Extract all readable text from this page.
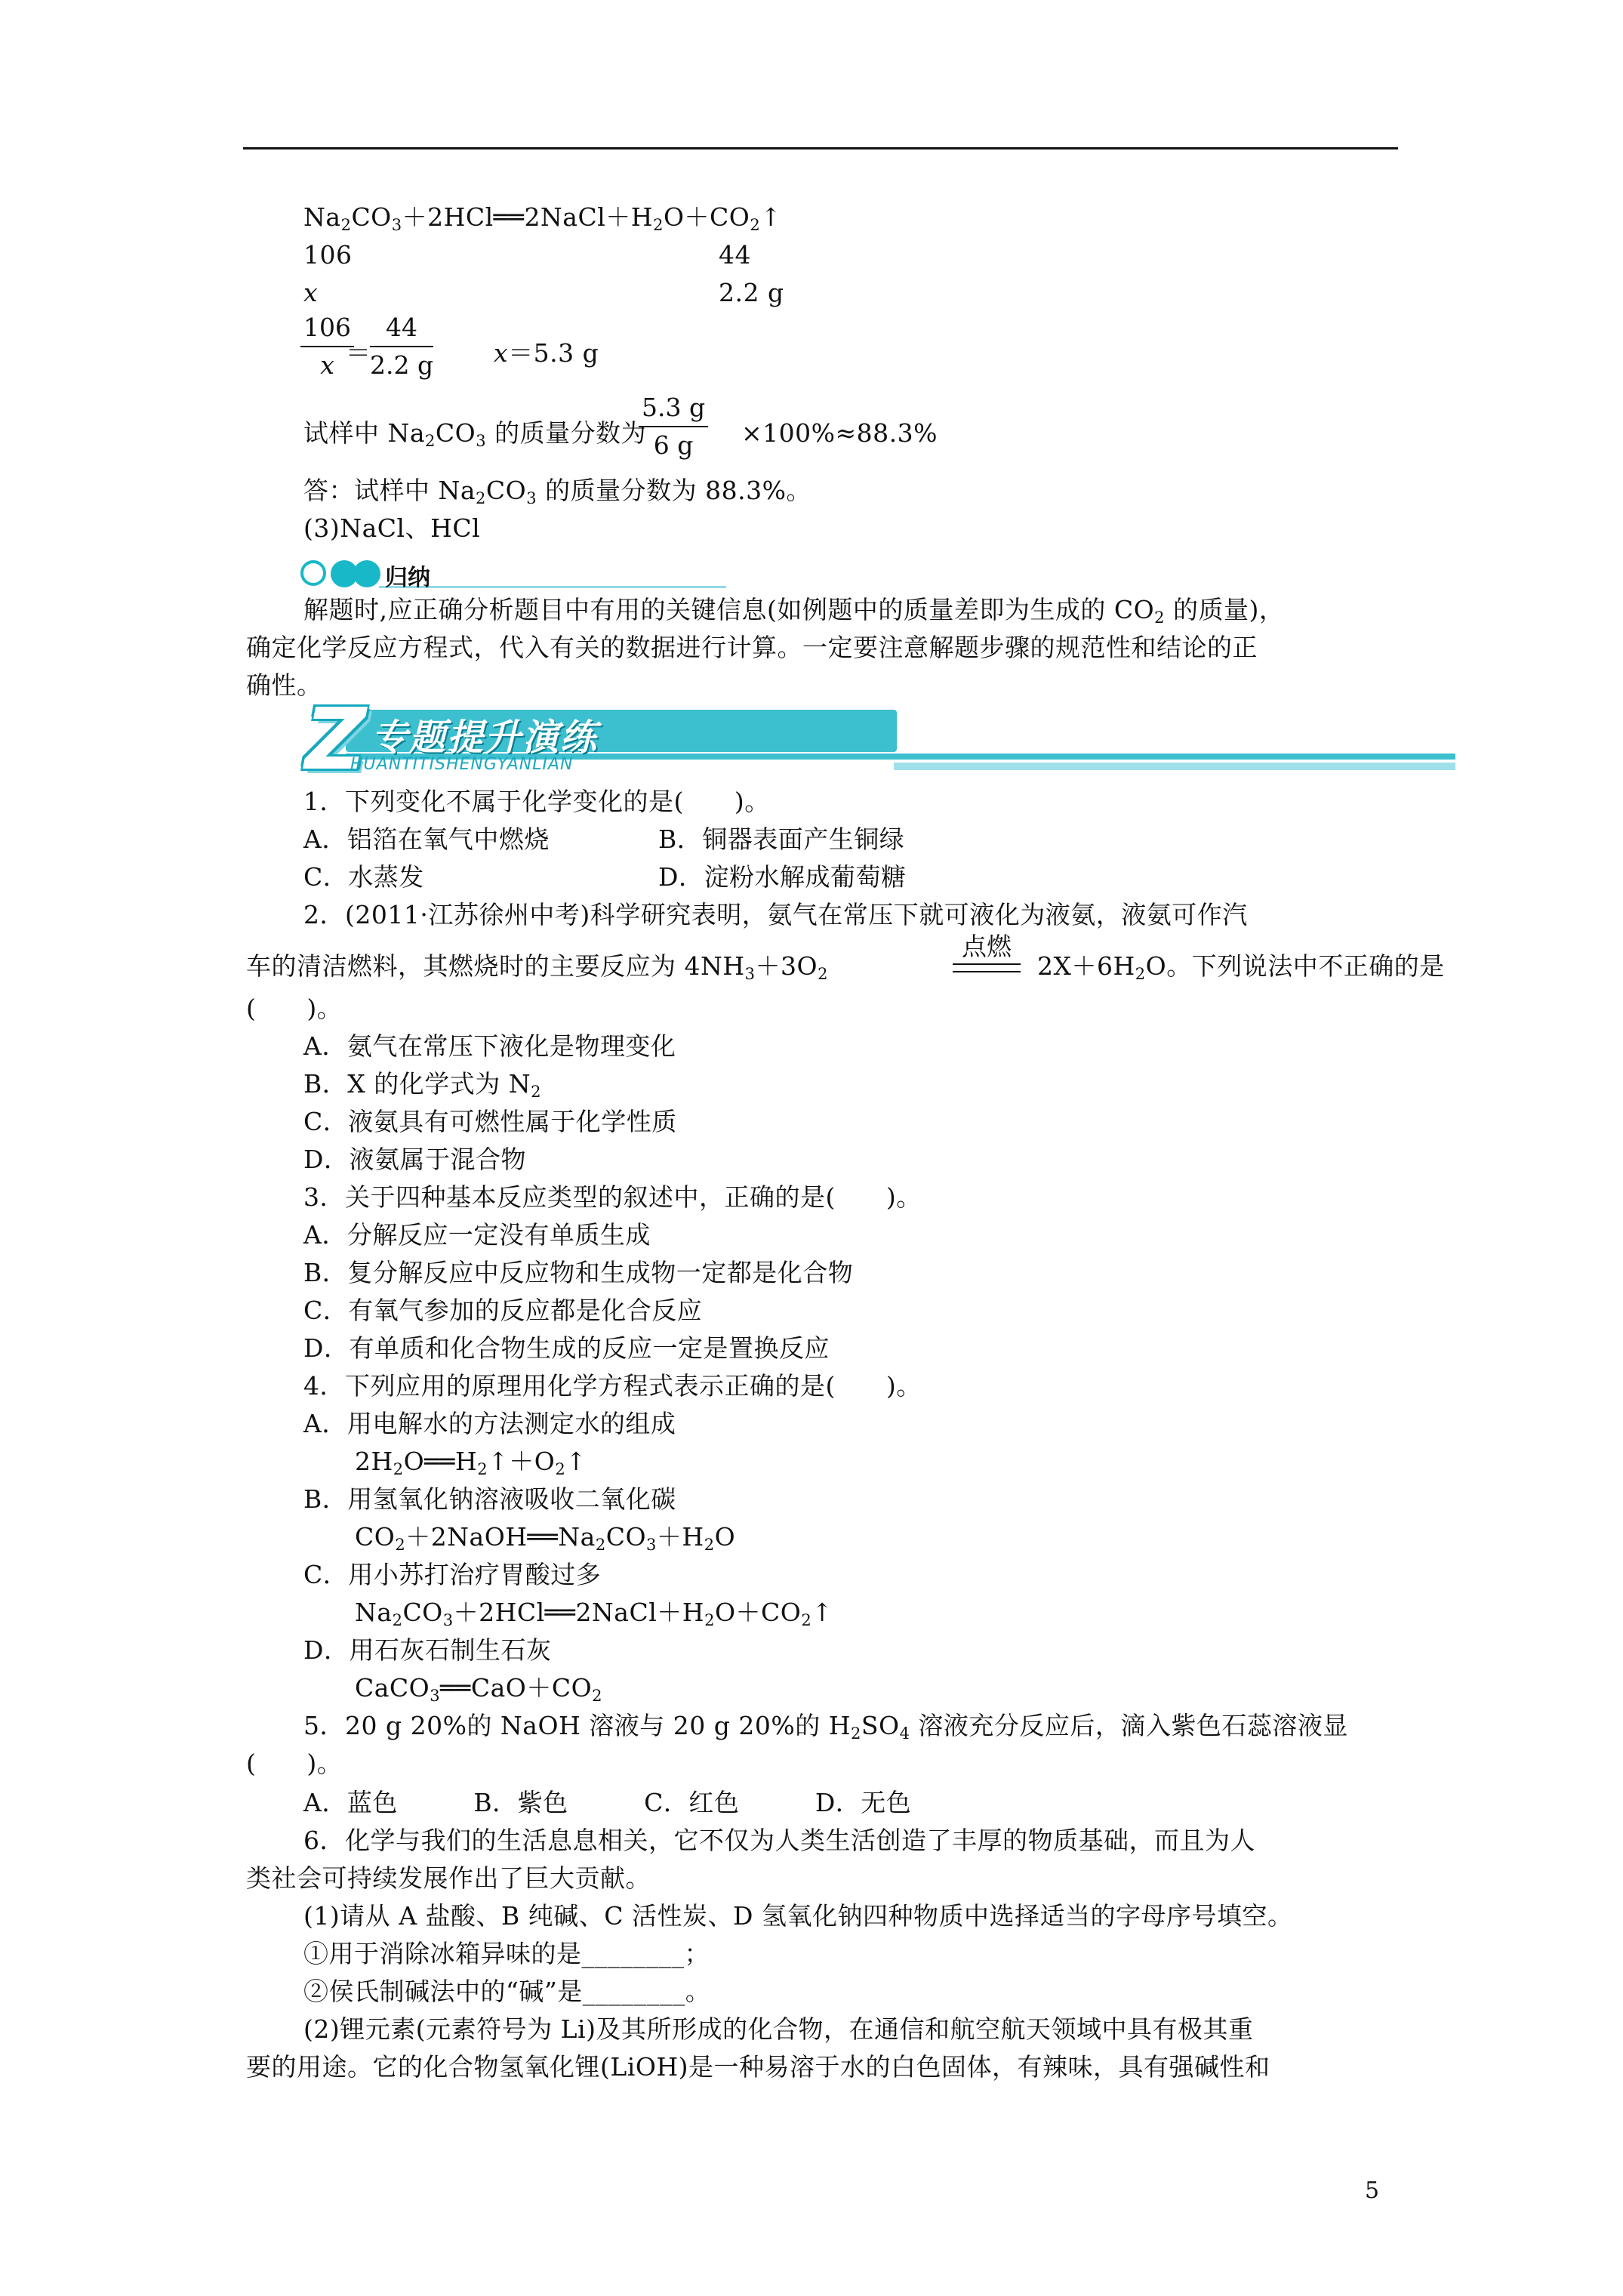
$Na_2CO_3+2HCl══2NaCl+H_2O+CO_2↑$
106	44
x	2.2 g
$\frac{106}{x}$
＝
$\frac{44}{2.2 g} x=5.3$ g
试样中 $Na_2CO_3$ 的质量分数为
$\frac{5.3 g}{6 g} \times 100\%\approx 88.3\%$
答：试样中 $Na_2CO_3$ 的质量分数为 88.3%。
(3)NaCl、HCl
归纳
解题时,应正确分析题目中有用的关键信息(如例题中的质量差即为生成的 $CO_2$ 的质量)，
确定化学反应方程式，代入有关的数据进行计算。一定要注意解题步骤的规范性和结论的正
确性。
Z 专题提升演练
HUANTITISHENGYANLIAN
1．下列变化不属于化学变化的是(　　)。
A．铝箔在氧气中燃烧	B．铜器表面产生铜绿
C．水蒸发	D．淀粉水解成葡萄糖
2．(2011·江苏徐州中考)科学研究表明，氨气在常压下就可液化为液氨，液氨可作汽
车的清洁燃料，其燃烧时的主要反应为 $4NH_3+3O_2$
点燃
$2X+6H_2O$。下列说法中不正确的是
(　　)。
A．氨气在常压下液化是物理变化
B．X 的化学式为 $N_2$
C．液氨具有可燃性属于化学性质
D．液氨属于混合物
3．关于四种基本反应类型的叙述中，正确的是(　　)。
A．分解反应一定没有单质生成
B．复分解反应中反应物和生成物一定都是化合物
C．有氧气参加的反应都是化合反应
D．有单质和化合物生成的反应一定是置换反应
4．下列应用的原理用化学方程式表示正确的是(　　)。
A．用电解水的方法测定水的组成
$2H_2O══H_2↑+O_2↑$
B．用氢氧化钠溶液吸收二氧化碳
$CO_2+2NaOH══Na_2CO_3+H_2O$
C．用小苏打治疗胃酸过多
$Na_2CO_3+2HCl══2NaCl+H_2O+CO_2↑$
D．用石灰石制生石灰
$CaCO_3══CaO+CO_2$
5．20 g 20%的 NaOH 溶液与 20 g 20%的 $H_2SO_4$ 溶液充分反应后，滴入紫色石蕊溶液显
(　　)。
A．蓝色　　　B．紫色　　　C．红色　　　D．无色
6．化学与我们的生活息息相关，它不仅为人类生活创造了丰厚的物质基础，而且为人
类社会可持续发展作出了巨大贡献。
(1)请从 A 盐酸、B 纯碱、C 活性炭、D 氢氧化钠四种物质中选择适当的字母序号填空。
①用于消除冰箱异味的是________；
②侯氏制碱法中的“碱”是________。
(2)锂元素(元素符号为 Li)及其所形成的化合物，在通信和航空航天领域中具有极其重
要的用途。它的化合物氢氧化锂(LiOH)是一种易溶于水的白色固体，有辣味，具有强碱性和
5
